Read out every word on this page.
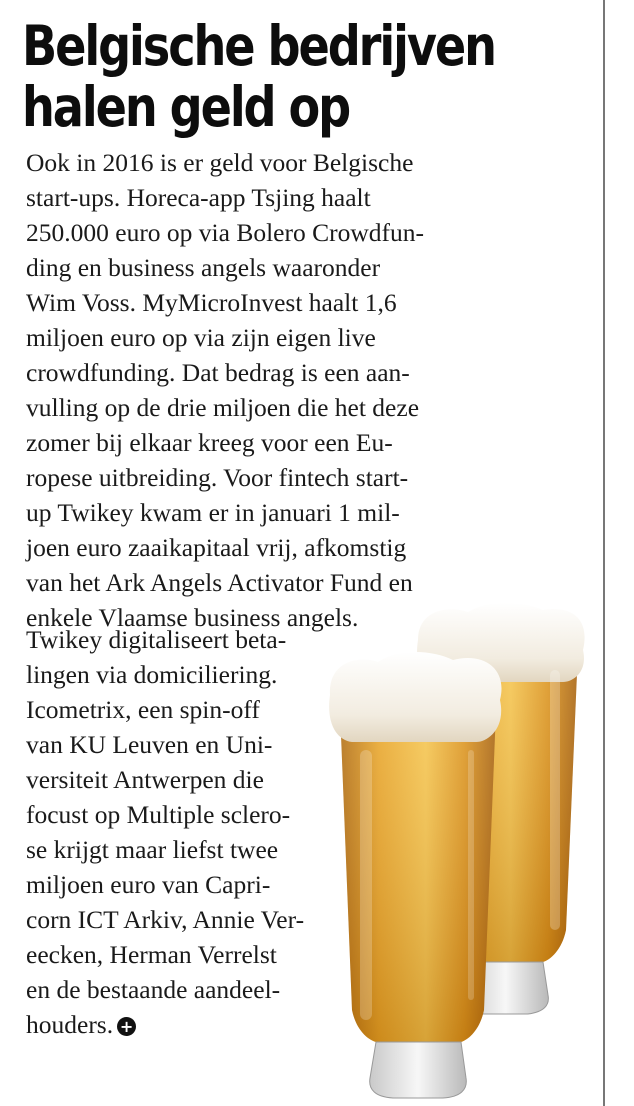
Belgische bedrijven
halen geld op
Ook in 2016 is er geld voor Belgische
start-ups. Horeca-app Tsjing haalt
250.000 euro op via Bolero Crowdfun-
ding en business angels waaronder
Wim Voss. MyMicroInvest haalt 1,6
miljoen euro op via zijn eigen live
crowdfunding. Dat bedrag is een aan-
vulling op de drie miljoen die het deze
zomer bij elkaar kreeg voor een Eu-
ropese uitbreiding. Voor fintech start-
up Twikey kwam er in januari 1 mil-
joen euro zaaikapitaal vrij, afkomstig
van het Ark Angels Activator Fund en
enkele Vlaamse business angels.
Twikey digitaliseert beta-
lingen via domiciliering.
Icometrix, een spin-off
van KU Leuven en Uni-
versiteit Antwerpen die
focust op Multiple sclero-
se krijgt maar liefst twee
miljoen euro van Capri-
corn ICT Arkiv, Annie Ver-
eecken, Herman Verrelst
en de bestaande aandeel-
houders. +
